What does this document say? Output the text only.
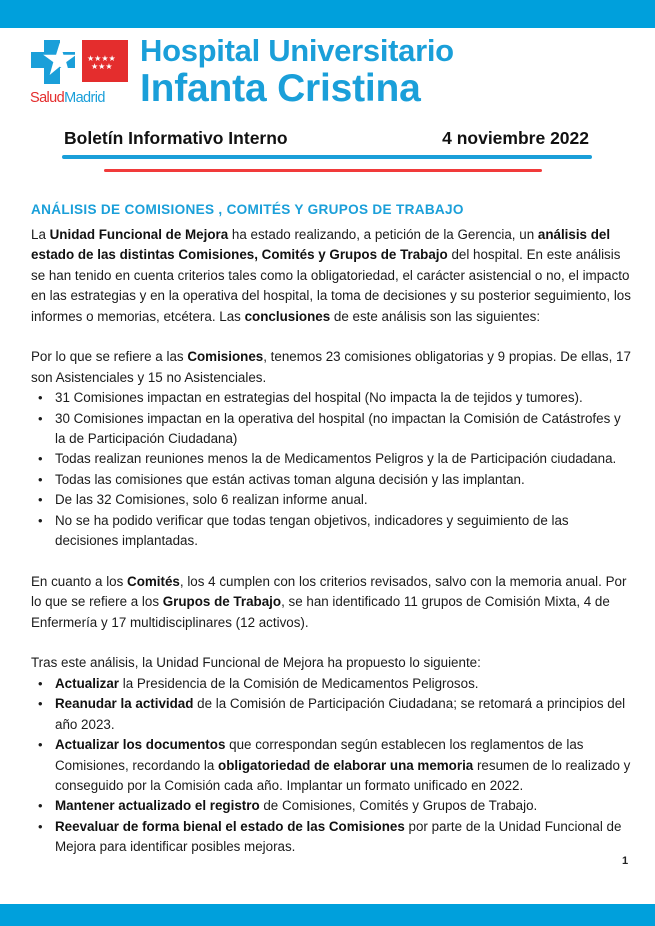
★★★★
★★★
SaludMadrid
Hospital Universitario
Infanta Cristina
Boletín Informativo Interno	4 noviembre 2022
ANÁLISIS DE COMISIONES , COMITÉS Y GRUPOS DE TRABAJO

La Unidad Funcional de Mejora ha estado realizando, a petición de la Gerencia, un análisis del estado de las distintas Comisiones, Comités y Grupos de Trabajo del hospital. En este análisis se han tenido en cuenta criterios tales como la obligatoriedad, el carácter asistencial o no, el impacto en las estrategias y en la operativa del hospital, la toma de decisiones y su posterior seguimiento, los informes o memorias, etcétera. Las conclusiones de este análisis son las siguientes:

Por lo que se refiere a las Comisiones, tenemos 23 comisiones obligatorias y 9 propias. De ellas, 17 son Asistenciales y 15 no Asistenciales.

• 31 Comisiones impactan en estrategias del hospital (No impacta la de tejidos y tumores).
• 30 Comisiones impactan en la operativa del hospital (no impactan la Comisión de Catástrofes y la de Participación Ciudadana)
• Todas realizan reuniones menos la de Medicamentos Peligros y la de Participación ciudadana.
• Todas las comisiones que están activas toman alguna decisión y las implantan.
• De las 32 Comisiones, solo 6 realizan informe anual.
• No se ha podido verificar que todas tengan objetivos, indicadores y seguimiento de las decisiones implantadas.

En cuanto a los Comités, los 4 cumplen con los criterios revisados, salvo con la memoria anual. Por lo que se refiere a los Grupos de Trabajo, se han identificado 11 grupos de Comisión Mixta, 4 de Enfermería y 17 multidisciplinares (12 activos).

Tras este análisis, la Unidad Funcional de Mejora ha propuesto lo siguiente:

• Actualizar la Presidencia de la Comisión de Medicamentos Peligrosos.
• Reanudar la actividad de la Comisión de Participación Ciudadana; se retomará a principios del año 2023.
• Actualizar los documentos que correspondan según establecen los reglamentos de las Comisiones, recordando la obligatoriedad de elaborar una memoria resumen de lo realizado y conseguido por la Comisión cada año. Implantar un formato unificado en 2022.
• Mantener actualizado el registro de Comisiones, Comités y Grupos de Trabajo.
• Reevaluar de forma bienal el estado de las Comisiones por parte de la Unidad Funcional de Mejora para identificar posibles mejoras.
1
